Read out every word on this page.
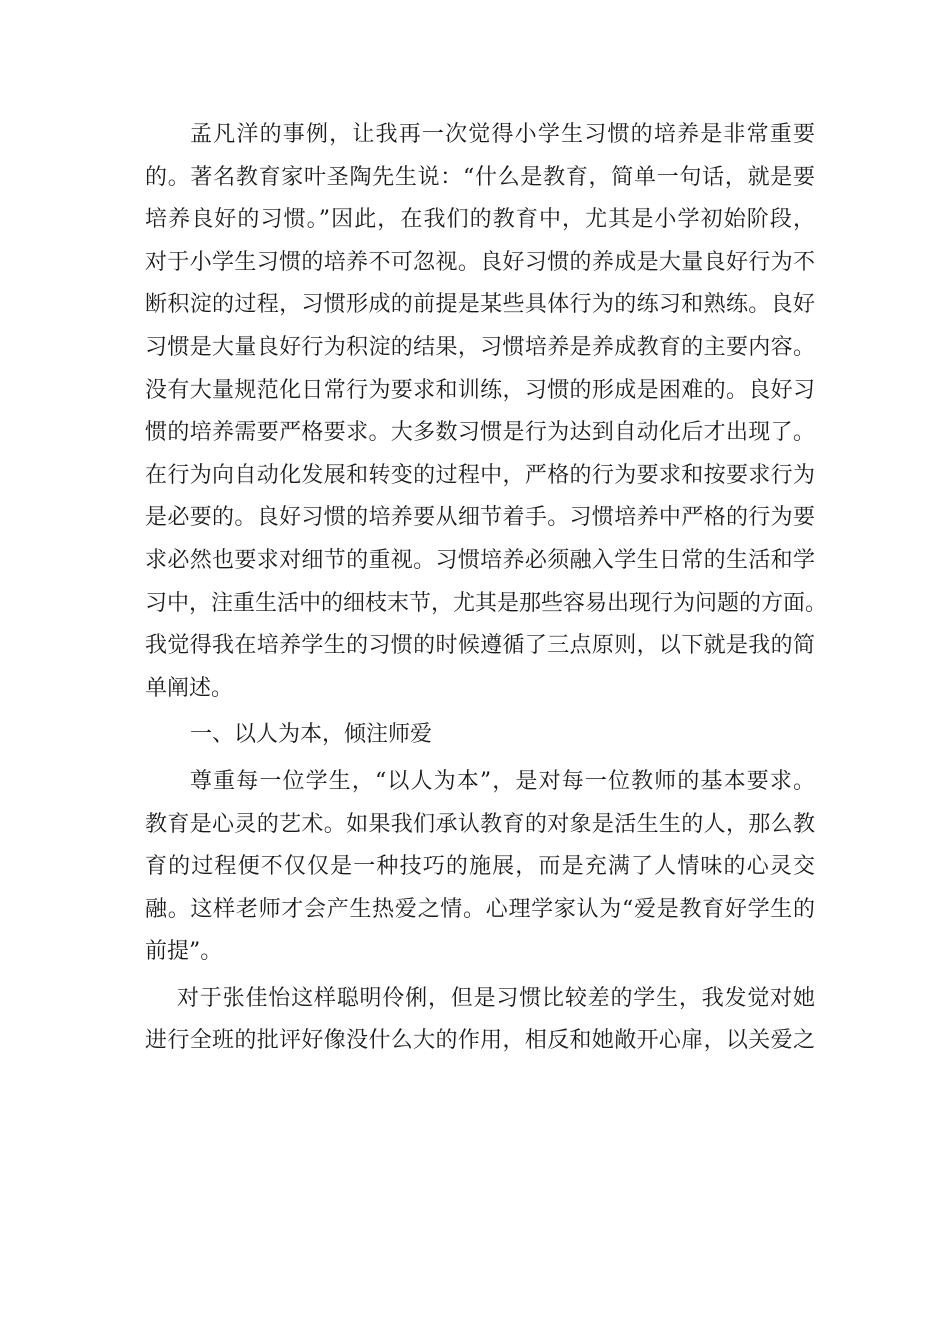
孟凡洋的事例，让我再一次觉得小学生习惯的培养是非常重要
的。著名教育家叶圣陶先生说：“什么是教育，简单一句话，就是要
培养良好的习惯。”因此，在我们的教育中，尤其是小学初始阶段，
对于小学生习惯的培养不可忽视。良好习惯的养成是大量良好行为不
断积淀的过程，习惯形成的前提是某些具体行为的练习和熟练。良好
习惯是大量良好行为积淀的结果，习惯培养是养成教育的主要内容。
没有大量规范化日常行为要求和训练，习惯的形成是困难的。良好习
惯的培养需要严格要求。大多数习惯是行为达到自动化后才出现了。
在行为向自动化发展和转变的过程中，严格的行为要求和按要求行为
是必要的。良好习惯的培养要从细节着手。习惯培养中严格的行为要
求必然也要求对细节的重视。习惯培养必须融入学生日常的生活和学
习中，注重生活中的细枝末节，尤其是那些容易出现行为问题的方面。
我觉得我在培养学生的习惯的时候遵循了三点原则，以下就是我的简
单阐述。
一、以人为本，倾注师爱
尊重每一位学生，“以人为本”，是对每一位教师的基本要求。
教育是心灵的艺术。如果我们承认教育的对象是活生生的人，那么教
育的过程便不仅仅是一种技巧的施展，而是充满了人情味的心灵交
融。这样老师才会产生热爱之情。心理学家认为“爱是教育好学生的
前提”。
对于张佳怡这样聪明伶俐，但是习惯比较差的学生，我发觉对她
进行全班的批评好像没什么大的作用，相反和她敞开心扉，以关爱之
